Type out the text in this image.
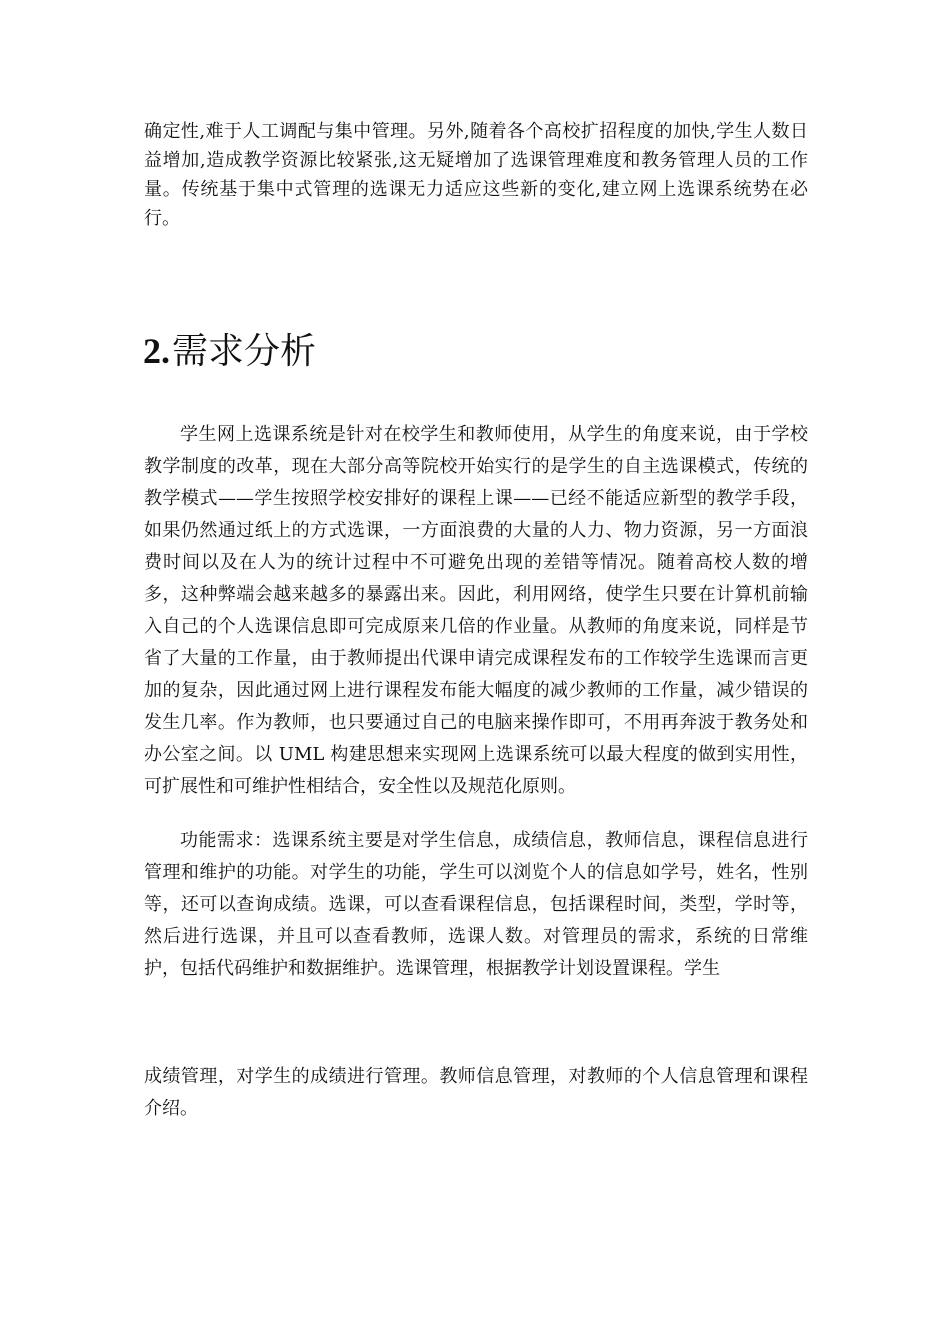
确定性,难于人工调配与集中管理。另外,随着各个高校扩招程度的加快,学生人数日益增加,造成教学资源比较紧张,这无疑增加了选课管理难度和教务管理人员的工作量。传统基于集中式管理的选课无力适应这些新的变化,建立网上选课系统势在必行。

2.需求分析

学生网上选课系统是针对在校学生和教师使用，从学生的角度来说，由于学校教学制度的改革，现在大部分高等院校开始实行的是学生的自主选课模式，传统的教学模式——学生按照学校安排好的课程上课——已经不能适应新型的教学手段，如果仍然通过纸上的方式选课，一方面浪费的大量的人力、物力资源，另一方面浪费时间以及在人为的统计过程中不可避免出现的差错等情况。随着高校人数的增多，这种弊端会越来越多的暴露出来。因此，利用网络，使学生只要在计算机前输入自己的个人选课信息即可完成原来几倍的作业量。从教师的角度来说，同样是节省了大量的工作量，由于教师提出代课申请完成课程发布的工作较学生选课而言更加的复杂，因此通过网上进行课程发布能大幅度的减少教师的工作量，减少错误的发生几率。作为教师，也只要通过自己的电脑来操作即可，不用再奔波于教务处和办公室之间。以 UML 构建思想来实现网上选课系统可以最大程度的做到实用性，可扩展性和可维护性相结合，安全性以及规范化原则。

功能需求：选课系统主要是对学生信息，成绩信息，教师信息，课程信息进行管理和维护的功能。对学生的功能，学生可以浏览个人的信息如学号，姓名，性别等，还可以查询成绩。选课，可以查看课程信息，包括课程时间，类型，学时等，然后进行选课，并且可以查看教师，选课人数。对管理员的需求，系统的日常维护，包括代码维护和数据维护。选课管理，根据教学计划设置课程。学生

成绩管理，对学生的成绩进行管理。教师信息管理，对教师的个人信息管理和课程介绍。
